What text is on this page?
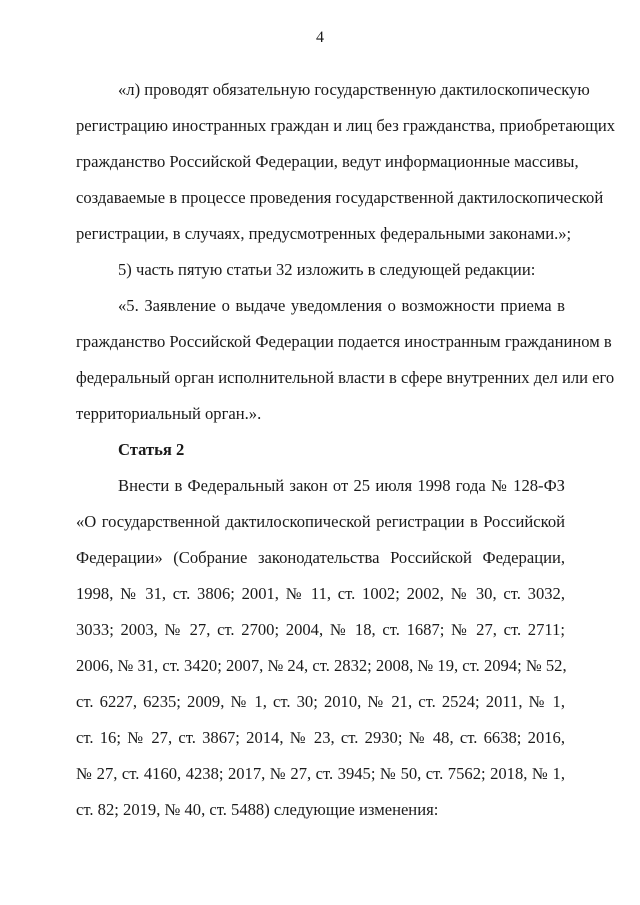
4
«л) проводят обязательную государственную дактилоскопическую
регистрацию иностранных граждан и лиц без гражданства, приобретающих
гражданство Российской Федерации, ведут информационные массивы,
создаваемые в процессе проведения государственной дактилоскопической
регистрации, в случаях, предусмотренных федеральными законами.»;
5) часть пятую статьи 32 изложить в следующей редакции:
«5. Заявление о выдаче уведомления о возможности приема в
гражданство Российской Федерации подается иностранным гражданином в
федеральный орган исполнительной власти в сфере внутренних дел или его
территориальный орган.».
Статья 2
Внести в Федеральный закон от 25 июля 1998 года № 128-ФЗ
«О государственной дактилоскопической регистрации в Российской
Федерации» (Собрание законодательства Российской Федерации,
1998, № 31, ст. 3806; 2001, № 11, ст. 1002; 2002, № 30, ст. 3032,
3033; 2003, № 27, ст. 2700; 2004, № 18, ст. 1687; № 27, ст. 2711;
2006, № 31, ст. 3420; 2007, № 24, ст. 2832; 2008, № 19, ст. 2094; № 52,
ст. 6227, 6235; 2009, № 1, ст. 30; 2010, № 21, ст. 2524; 2011, № 1,
ст. 16; № 27, ст. 3867; 2014, № 23, ст. 2930; № 48, ст. 6638; 2016,
№ 27, ст. 4160, 4238; 2017, № 27, ст. 3945; № 50, ст. 7562; 2018, № 1,
ст. 82; 2019, № 40, ст. 5488) следующие изменения:
